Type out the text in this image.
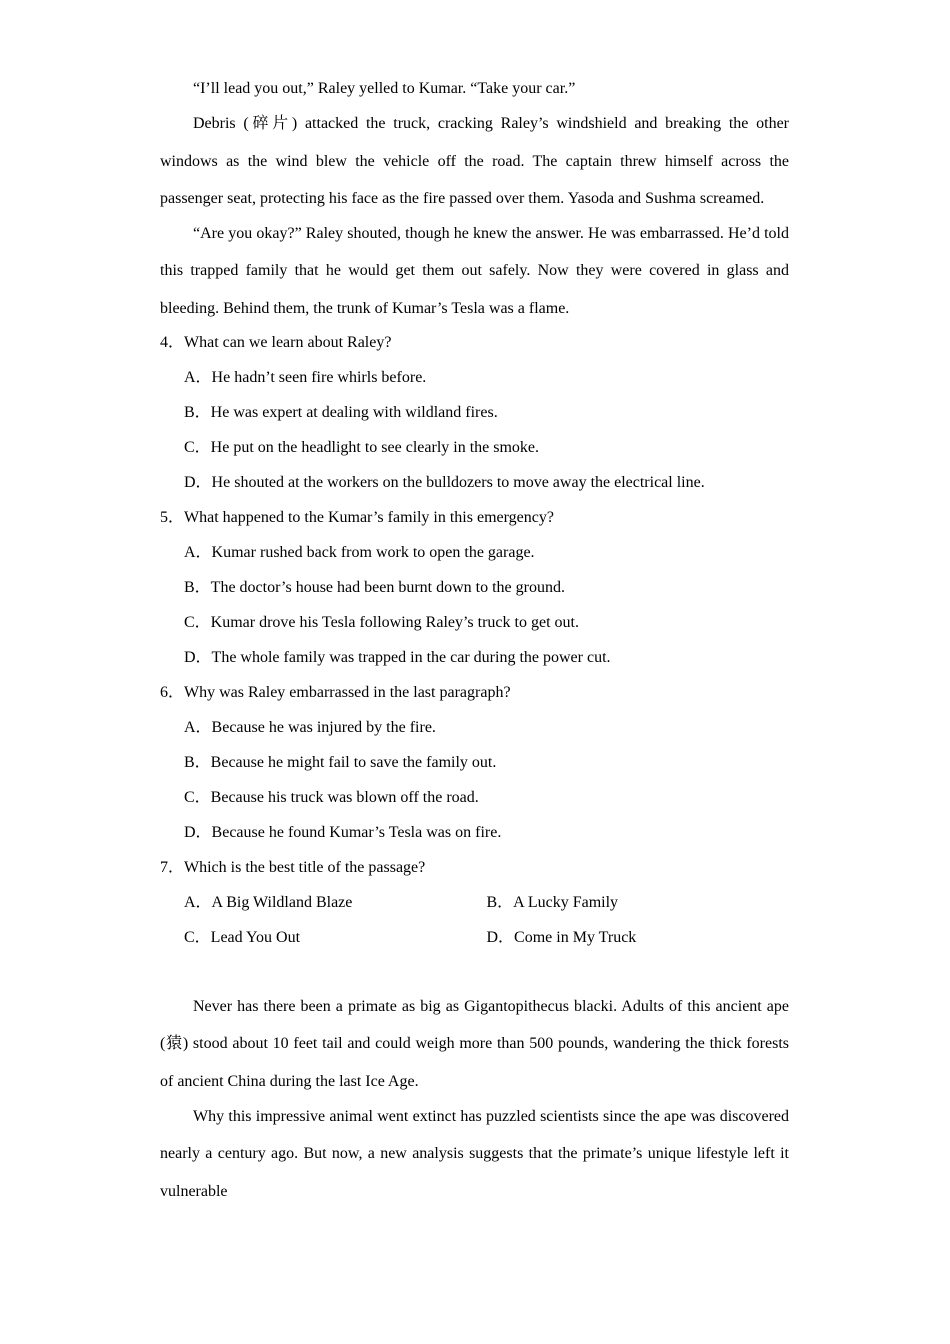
“I’ll lead you out,” Raley yelled to Kumar. “Take your car.”

Debris (碎片) attacked the truck, cracking Raley’s windshield and breaking the other windows as the wind blew the vehicle off the road. The captain threw himself across the passenger seat, protecting his face as the fire passed over them. Yasoda and Sushma screamed.

“Are you okay?” Raley shouted, though he knew the answer. He was embarrassed. He’d told this trapped family that he would get them out safely. Now they were covered in glass and bleeding. Behind them, the trunk of Kumar’s Tesla was a flame.

4．What can we learn about Raley?

A．He hadn’t seen fire whirls before.

B．He was expert at dealing with wildland fires.

C．He put on the headlight to see clearly in the smoke.

D．He shouted at the workers on the bulldozers to move away the electrical line.

5．What happened to the Kumar’s family in this emergency?

A．Kumar rushed back from work to open the garage.

B．The doctor’s house had been burnt down to the ground.

C．Kumar drove his Tesla following Raley’s truck to get out.

D．The whole family was trapped in the car during the power cut.

6．Why was Raley embarrassed in the last paragraph?

A．Because he was injured by the fire.

B．Because he might fail to save the family out.

C．Because his truck was blown off the road.

D．Because he found Kumar’s Tesla was on fire.

7．Which is the best title of the passage?

A．A Big Wildland Blaze	B．A Lucky Family
C．Lead You Out	D．Come in My Truck

Never has there been a primate as big as Gigantopithecus blacki. Adults of this ancient ape (猿) stood about 10 feet tail and could weigh more than 500 pounds, wandering the thick forests of ancient China during the last Ice Age.

Why this impressive animal went extinct has puzzled scientists since the ape was discovered nearly a century ago. But now, a new analysis suggests that the primate’s unique lifestyle left it vulnerable
